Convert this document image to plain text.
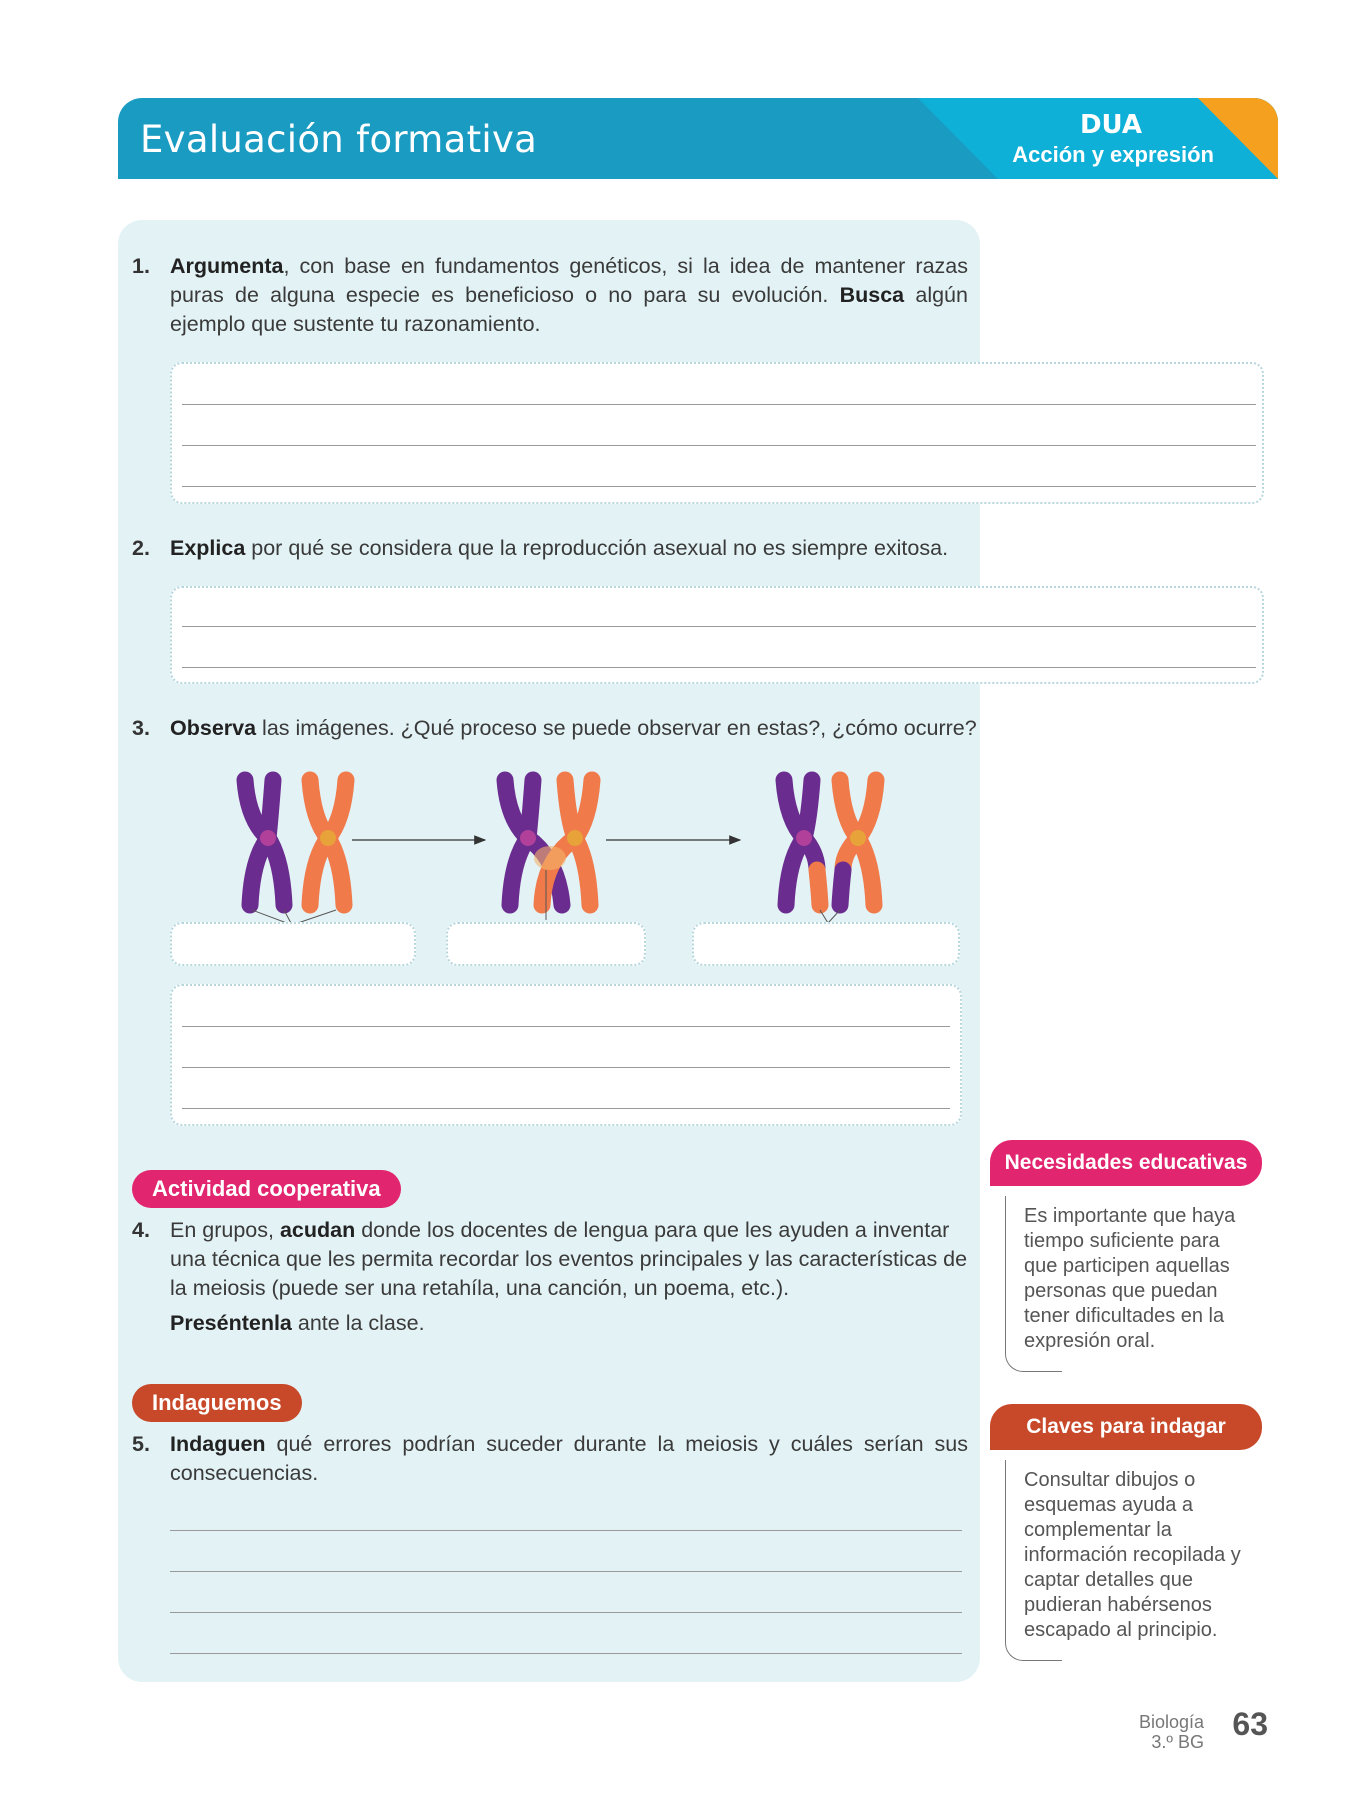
Evaluación formativa	DUA
Acción y expresión
1. Argumenta, con base en fundamentos genéticos, si la idea de mantener razas puras de alguna especie es beneficioso o no para su evolución. Busca algún ejemplo que sustente tu razonamiento.
2. Explica por qué se considera que la reproducción asexual no es siempre exitosa.
3. Observa las imágenes. ¿Qué proceso se puede observar en estas?, ¿cómo ocurre?
Actividad cooperativa
4. En grupos, acudan donde los docentes de lengua para que les ayuden a inventar una técnica que les permita recordar los eventos principales y las características de la meiosis (puede ser una retahíla, una canción, un poema, etc.).
Preséntenla ante la clase.
Indaguemos
5. Indaguen qué errores podrían suceder durante la meiosis y cuáles serían sus consecuencias.
Necesidades educativas
Es importante que haya tiempo suficiente para que participen aquellas personas que puedan tener dificultades en la expresión oral.
Claves para indagar
Consultar dibujos o esquemas ayuda a complementar la información recopilada y captar detalles que pudieran habérsenos escapado al principio.
Biología
3.º BG 63
